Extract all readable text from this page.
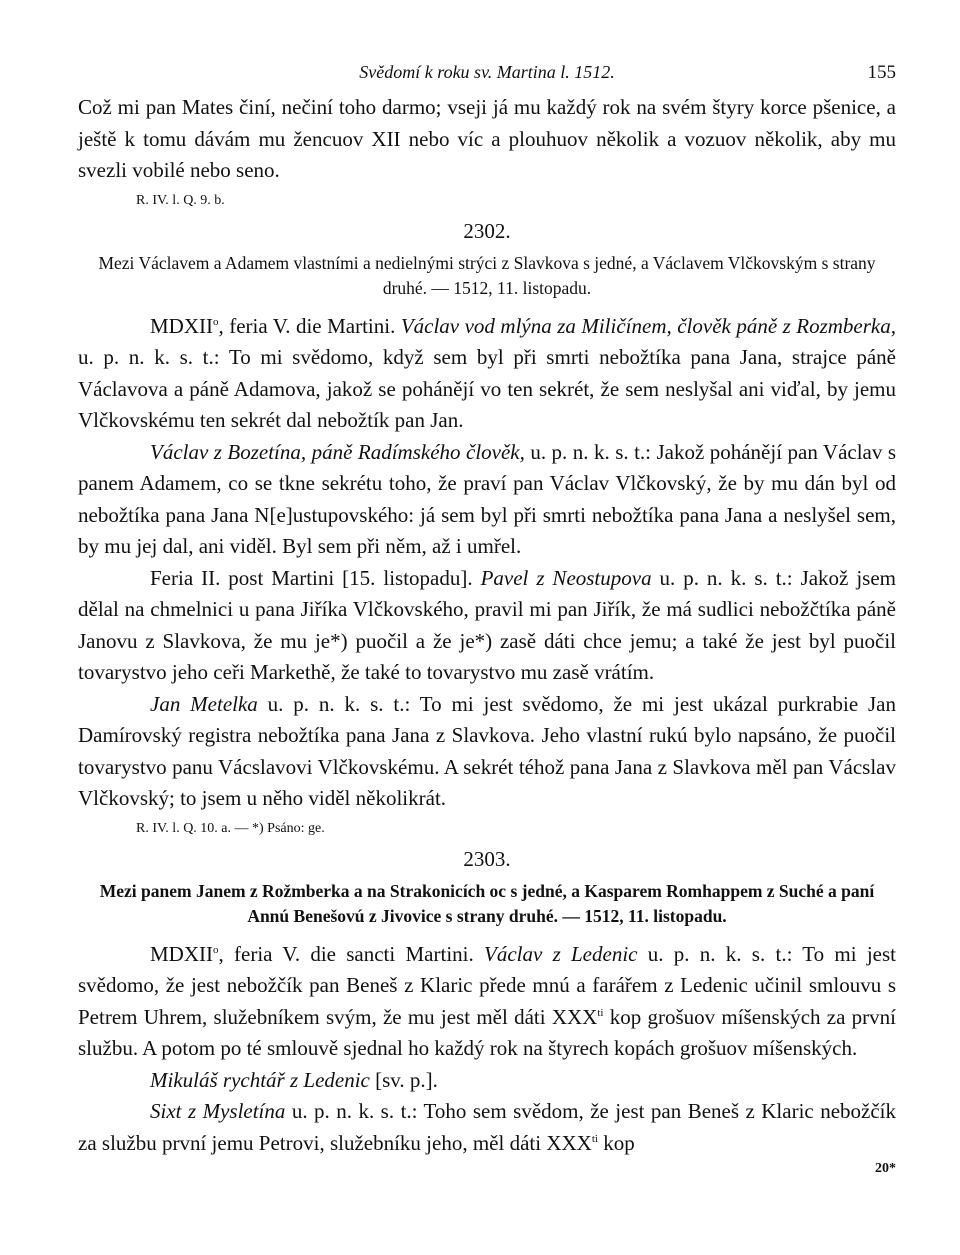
Svědomí k roku sv. Martina l. 1512.	155

Což mi pan Mates činí, nečiní toho darmo; vseji já mu každý rok na svém štyry korce pšenice, a ještě k tomu dávám mu žencuov XII nebo víc a plouhuov několik a vozuov několik, aby mu svezli vobilé nebo seno.

R. IV. l. Q. 9. b.
2302.
Mezi Václavem a Adamem vlastními a nedielnými strýci z Slavkova s jedné, a Václavem Vlčkovským s strany druhé. — 1512, 11. listopadu.

MDXII$^o$, feria V. die Martini. Václav vod mlýna za Miličínem, člověk páně z Rozmberka, u. p. n. k. s. t.: To mi svědomo, když sem byl při smrti nebožtíka pana Jana, strajce páně Václavova a páně Adamova, jakož se pohánějí vo ten sekrét, že sem neslyšal ani viďal, by jemu Vlčkovskému ten sekrét dal nebožtík pan Jan.

Václav z Bozetína, páně Radímského člověk, u. p. n. k. s. t.: Jakož pohánějí pan Václav s panem Adamem, co se tkne sekrétu toho, že praví pan Václav Vlčkovský, že by mu dán byl od nebožtíka pana Jana N[e]ustupovského: já sem byl při smrti nebožtíka pana Jana a neslyšel sem, by mu jej dal, ani viděl. Byl sem při něm, až i umřel.

Feria II. post Martini [15. listopadu]. Pavel z Neostupova u. p. n. k. s. t.: Jakož jsem dělal na chmelnici u pana Jiříka Vlčkovského, pravil mi pan Jiřík, že má sudlici nebožčtíka páně Janovu z Slavkova, že mu je*) puočil a že je*) zasě dáti chce jemu; a také že jest byl puočil tovarystvo jeho ceři Markethě, že také to tovarystvo mu zasě vrátím.

Jan Metelka u. p. n. k. s. t.: To mi jest svědomo, že mi jest ukázal purkrabie Jan Damírovský registra nebožtíka pana Jana z Slavkova. Jeho vlastní rukú bylo napsáno, že puočil tovarystvo panu Vácslavovi Vlčkovskému. A sekrét téhož pana Jana z Slavkova měl pan Vácslav Vlčkovský; to jsem u něho viděl několikrát.

R. IV. l. Q. 10. a. — *) Psáno: ge.
2303.
Mezi panem Janem z Rožmberka a na Strakonicích oc s jedné, a Kasparem Romhappem z Suché a paní Annú Benešovú z Jivovice s strany druhé. — 1512, 11. listopadu.

MDXII$^o$, feria V. die sancti Martini. Václav z Ledenic u. p. n. k. s. t.: To mi jest svědomo, že jest nebožčík pan Beneš z Klaric přede mnú a farářem z Ledenic učinil smlouvu s Petrem Uhrem, služebníkem svým, že mu jest měl dáti $XXX^{ti}$ kop grošuov míšenských za první službu. A potom po té smlouvě sjednal ho každý rok na štyrech kopách grošuov míšenských.

Mikuláš rychtář z Ledenic [sv. p.].

Sixt z Mysletína u. p. n. k. s. t.: Toho sem svědom, že jest pan Beneš z Klaric nebožčík za službu první jemu Petrovi, služebníku jeho, měl dáti $XXX^{ti}$ kop

20*
